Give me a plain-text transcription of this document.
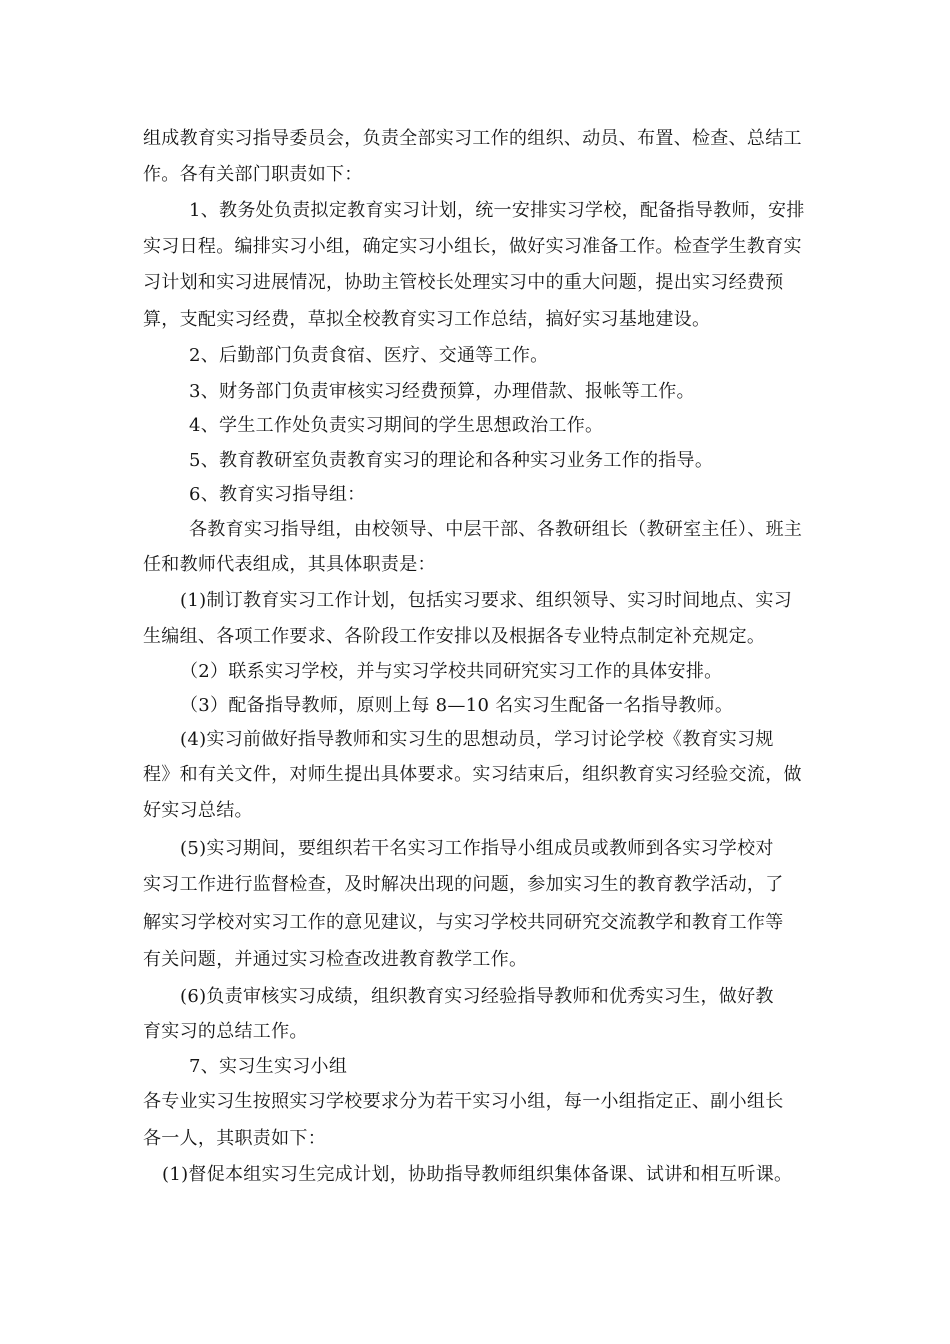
组成教育实习指导委员会，负责全部实习工作的组织、动员、布置、检查、总结工
作。各有关部门职责如下：
1、教务处负责拟定教育实习计划，统一安排实习学校，配备指导教师，安排
实习日程。编排实习小组，确定实习小组长，做好实习准备工作。检查学生教育实
习计划和实习进展情况，协助主管校长处理实习中的重大问题，提出实习经费预
算，支配实习经费，草拟全校教育实习工作总结，搞好实习基地建设。
2、后勤部门负责食宿、医疗、交通等工作。
3、财务部门负责审核实习经费预算，办理借款、报帐等工作。
4、学生工作处负责实习期间的学生思想政治工作。
5、教育教研室负责教育实习的理论和各种实习业务工作的指导。
6、教育实习指导组：
各教育实习指导组，由校领导、中层干部、各教研组长（教研室主任）、班主
任和教师代表组成，其具体职责是：
(1)制订教育实习工作计划，包括实习要求、组织领导、实习时间地点、实习
生编组、各项工作要求、各阶段工作安排以及根据各专业特点制定补充规定。
（2）联系实习学校，并与实习学校共同研究实习工作的具体安排。
（3）配备指导教师，原则上每 8—10 名实习生配备一名指导教师。
(4)实习前做好指导教师和实习生的思想动员，学习讨论学校《教育实习规
程》和有关文件，对师生提出具体要求。实习结束后，组织教育实习经验交流，做
好实习总结。
(5)实习期间，要组织若干名实习工作指导小组成员或教师到各实习学校对
实习工作进行监督检查，及时解决出现的问题，参加实习生的教育教学活动，了
解实习学校对实习工作的意见建议，与实习学校共同研究交流教学和教育工作等
有关问题，并通过实习检查改进教育教学工作。
(6)负责审核实习成绩，组织教育实习经验指导教师和优秀实习生，做好教
育实习的总结工作。
7、实习生实习小组
各专业实习生按照实习学校要求分为若干实习小组，每一小组指定正、副小组长
各一人，其职责如下：
(1)督促本组实习生完成计划，协助指导教师组织集体备课、试讲和相互听课。
